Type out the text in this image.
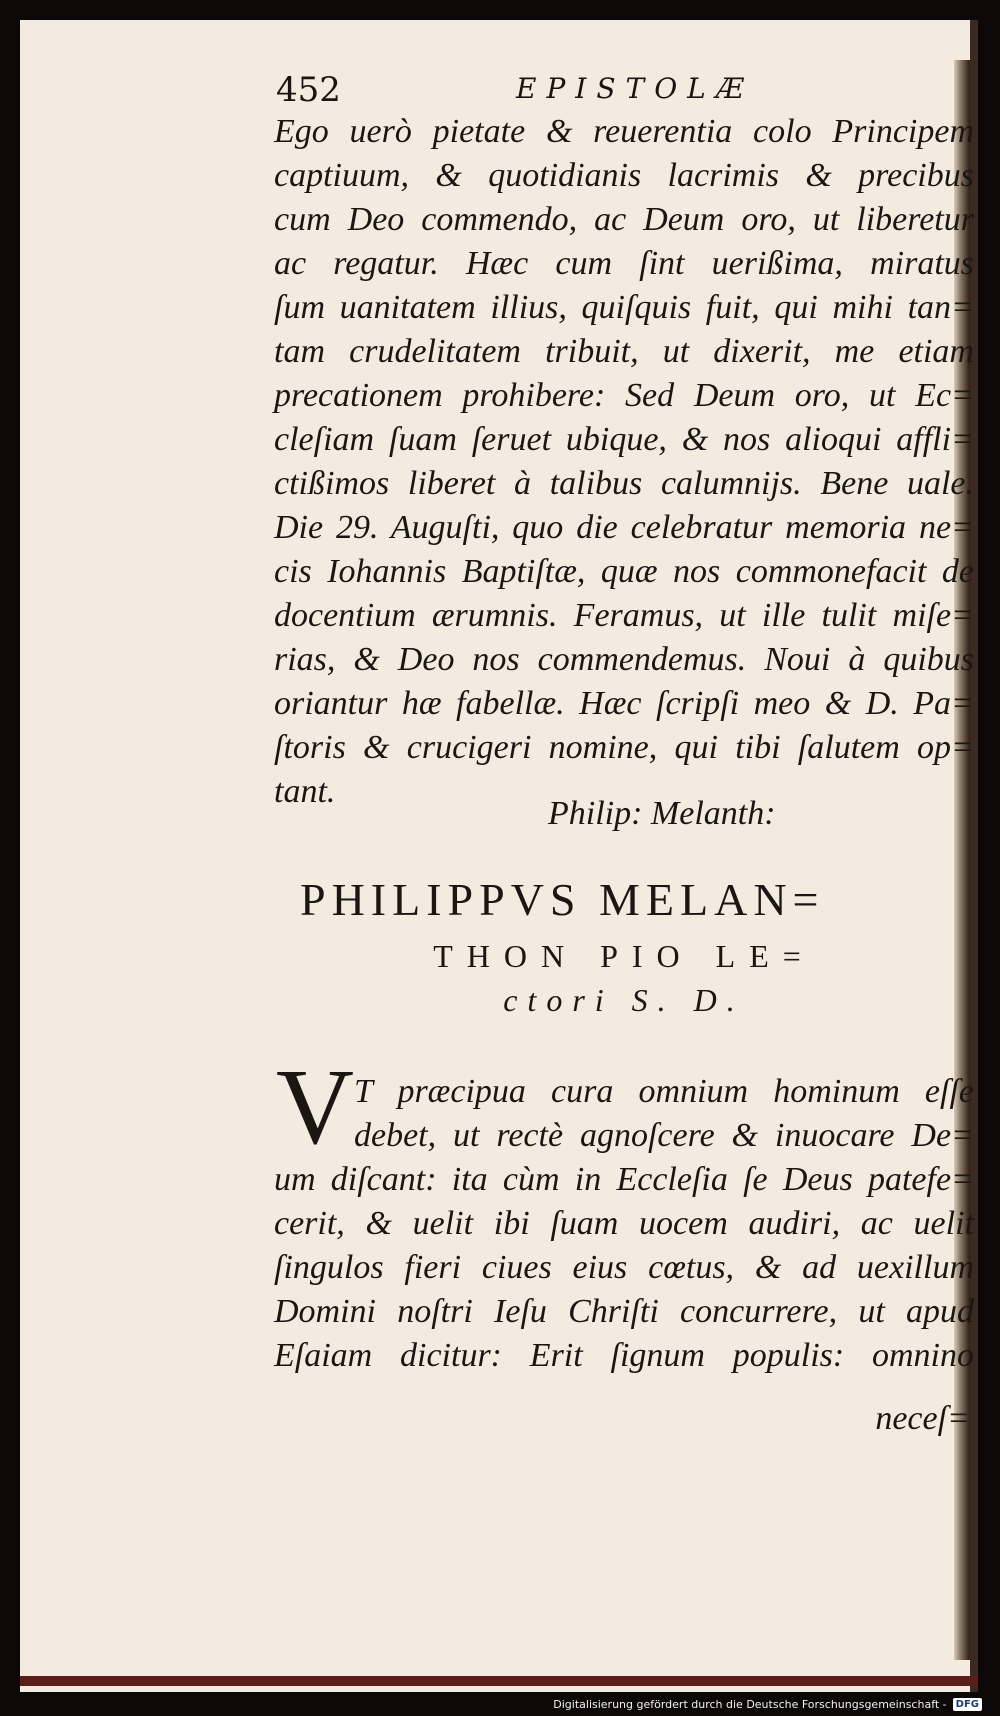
452	EPISTOLÆ
Ego uerò pietate & reuerentia colo Principem
captiuum, & quotidianis lacrimis & precibus
cum Deo commendo, ac Deum oro, ut liberetur
ac regatur. Hæc cum ſint uerißima, miratus
ſum uanitatem illius, quiſquis fuit, qui mihi tan=
tam crudelitatem tribuit, ut dixerit, me etiam
precationem prohibere: Sed Deum oro, ut Ec=
cleſiam ſuam ſeruet ubique, & nos alioqui affli=
ctißimos liberet à talibus calumnijs. Bene uale.
Die 29. Auguſti, quo die celebratur memoria ne=
cis Iohannis Baptiſtæ, quæ nos commonefacit de
docentium ærumnis. Feramus, ut ille tulit miſe=
rias, & Deo nos commendemus. Noui à quibus
oriantur hæ fabellæ. Hæc ſcripſi meo & D. Pa=
ſtoris & crucigeri nomine, qui tibi ſalutem op=
tant.
Philip: Melanth:
PHILIPPVS MELAN=
THON PIO LE=
ctori S. D.
V T præcipua cura omnium hominum eſſe
debet, ut rectè agnoſcere & inuocare De=
um diſcant: ita cùm in Eccleſia ſe Deus patefe=
cerit, & uelit ibi ſuam uocem audiri, ac uelit
ſingulos fieri ciues eius cœtus, & ad uexillum
Domini noſtri Ieſu Chriſti concurrere, ut apud
Eſaiam dicitur: Erit ſignum populis: omnino
neceſ=
Digitalisierung gefördert durch die Deutsche Forschungsgemeinschaft - DFG
